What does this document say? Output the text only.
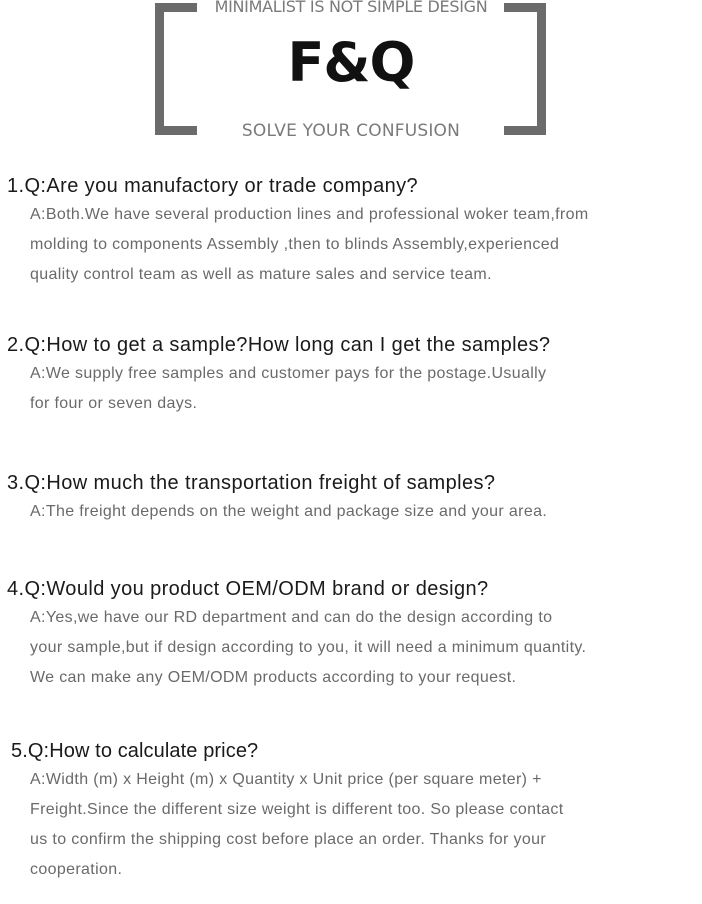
MINIMALIST IS NOT SIMPLE DESIGN
F&Q
SOLVE YOUR CONFUSION
1.Q:Are you manufactory or trade company?
A:Both.We have several production lines and professional woker team,from
molding to components Assembly ,then to blinds Assembly,experienced
quality control team as well as mature sales and service team.
2.Q:How to get a sample?How long can I get the samples?
A:We supply free samples and customer pays for the postage.Usually
for four or seven days.
3.Q:How much the transportation freight of samples?
A:The freight depends on the weight and package size and your area.
4.Q:Would you product OEM/ODM brand or design?
A:Yes,we have our RD department and can do the design according to
your sample,but if design according to you, it will need a minimum quantity.
We can make any OEM/ODM products according to your request.
5.Q:How to calculate price?
A:Width (m) x Height (m) x Quantity x Unit price (per square meter) +
Freight.Since the different size weight is different too. So please contact
us to confirm the shipping cost before place an order. Thanks for your
cooperation.
